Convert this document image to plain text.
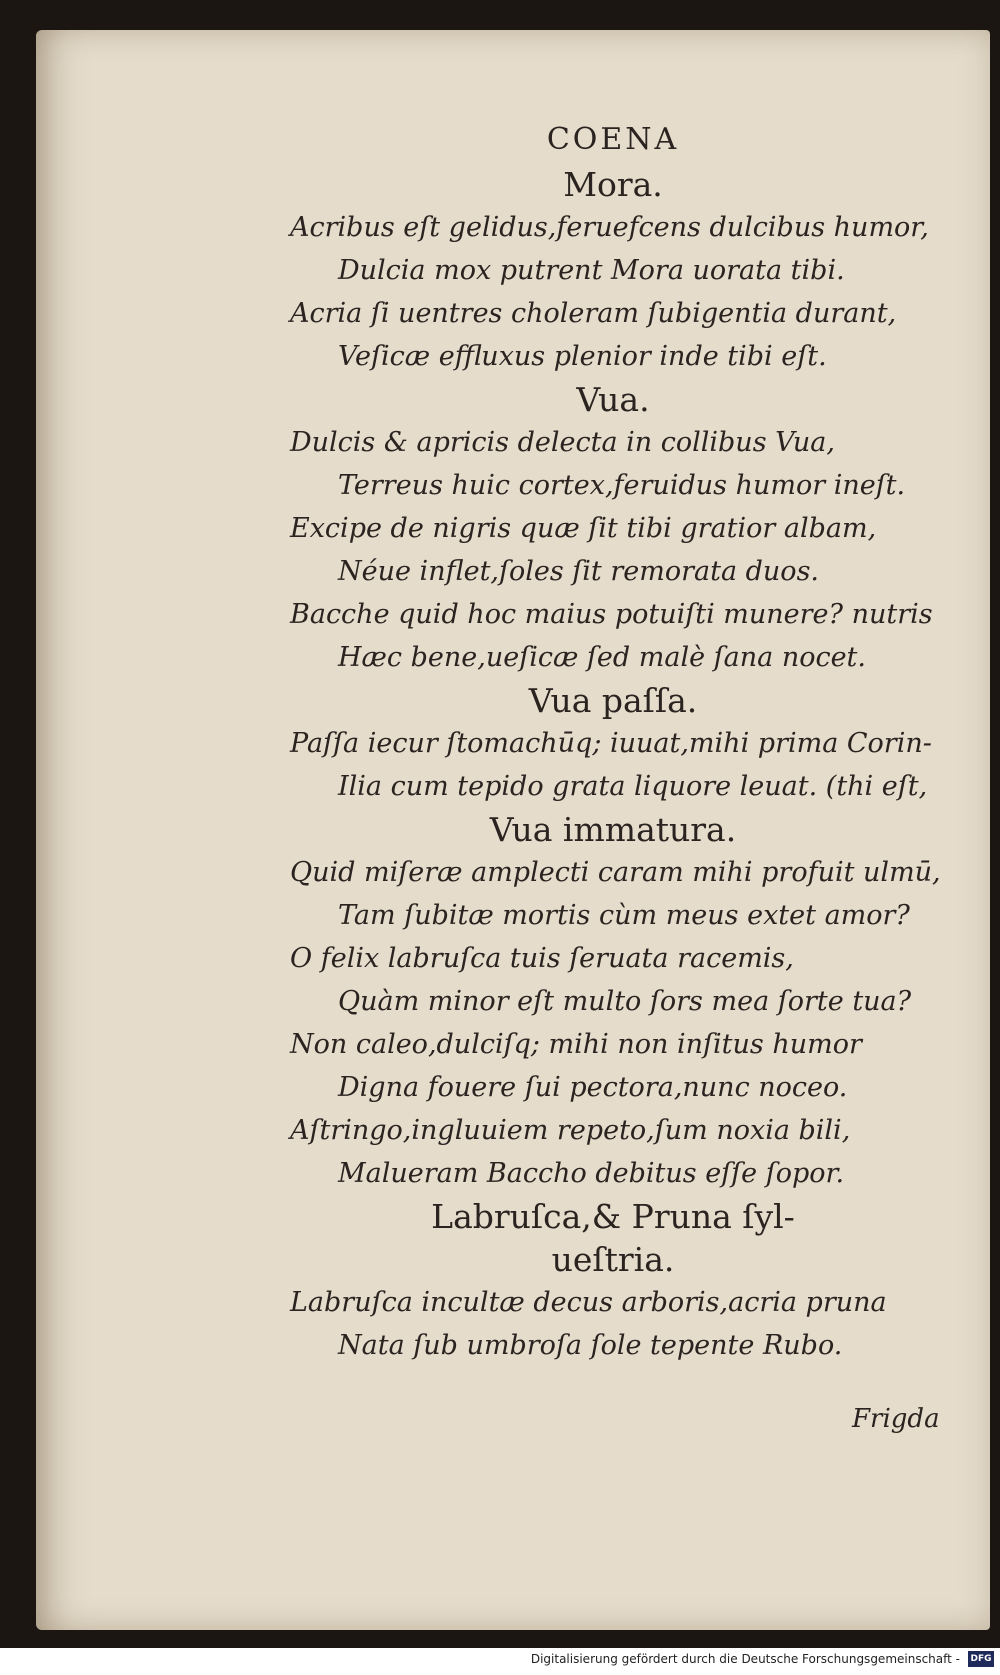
COENA
Mora.
Acribus eſt gelidus,feruefcens dulcibus humor,
Dulcia mox putrent Mora uorata tibi.
Acria ſi uentres choleram ſubigentia durant,
Veſicæ effluxus plenior inde tibi eſt.
Vua.
Dulcis & apricis delecta in collibus Vua,
Terreus huic cortex,feruidus humor ineſt.
Excipe de nigris quæ ſit tibi gratior albam,
Néue inflet,ſoles ſit remorata duos.
Bacche quid hoc maius potuiſti munere? nutris
Hæc bene,ueſicæ ſed malè ſana nocet.
Vua paſſa.
Paſſa iecur ſtomachūq; iuuat,mihi prima Corin-
Ilia cum tepido grata liquore leuat. (thi eſt,
Vua immatura.
Quid miſeræ amplecti caram mihi profuit ulmū,
Tam ſubitæ mortis cùm meus extet amor?
O felix labruſca tuis ſeruata racemis,
Quàm minor eſt multo ſors mea ſorte tua?
Non caleo,dulciſq; mihi non inſitus humor
Digna fouere ſui pectora,nunc noceo.
Aſtringo,ingluuiem repeto,ſum noxia bili,
Malueram Baccho debitus eſſe ſopor.
Labruſca,& Pruna ſyl-
ueſtria.
Labruſca incultæ decus arboris,acria pruna
Nata ſub umbroſa ſole tepente Rubo.
Frigda
Digitalisierung gefördert durch die Deutsche Forschungsgemeinschaft - DFG
